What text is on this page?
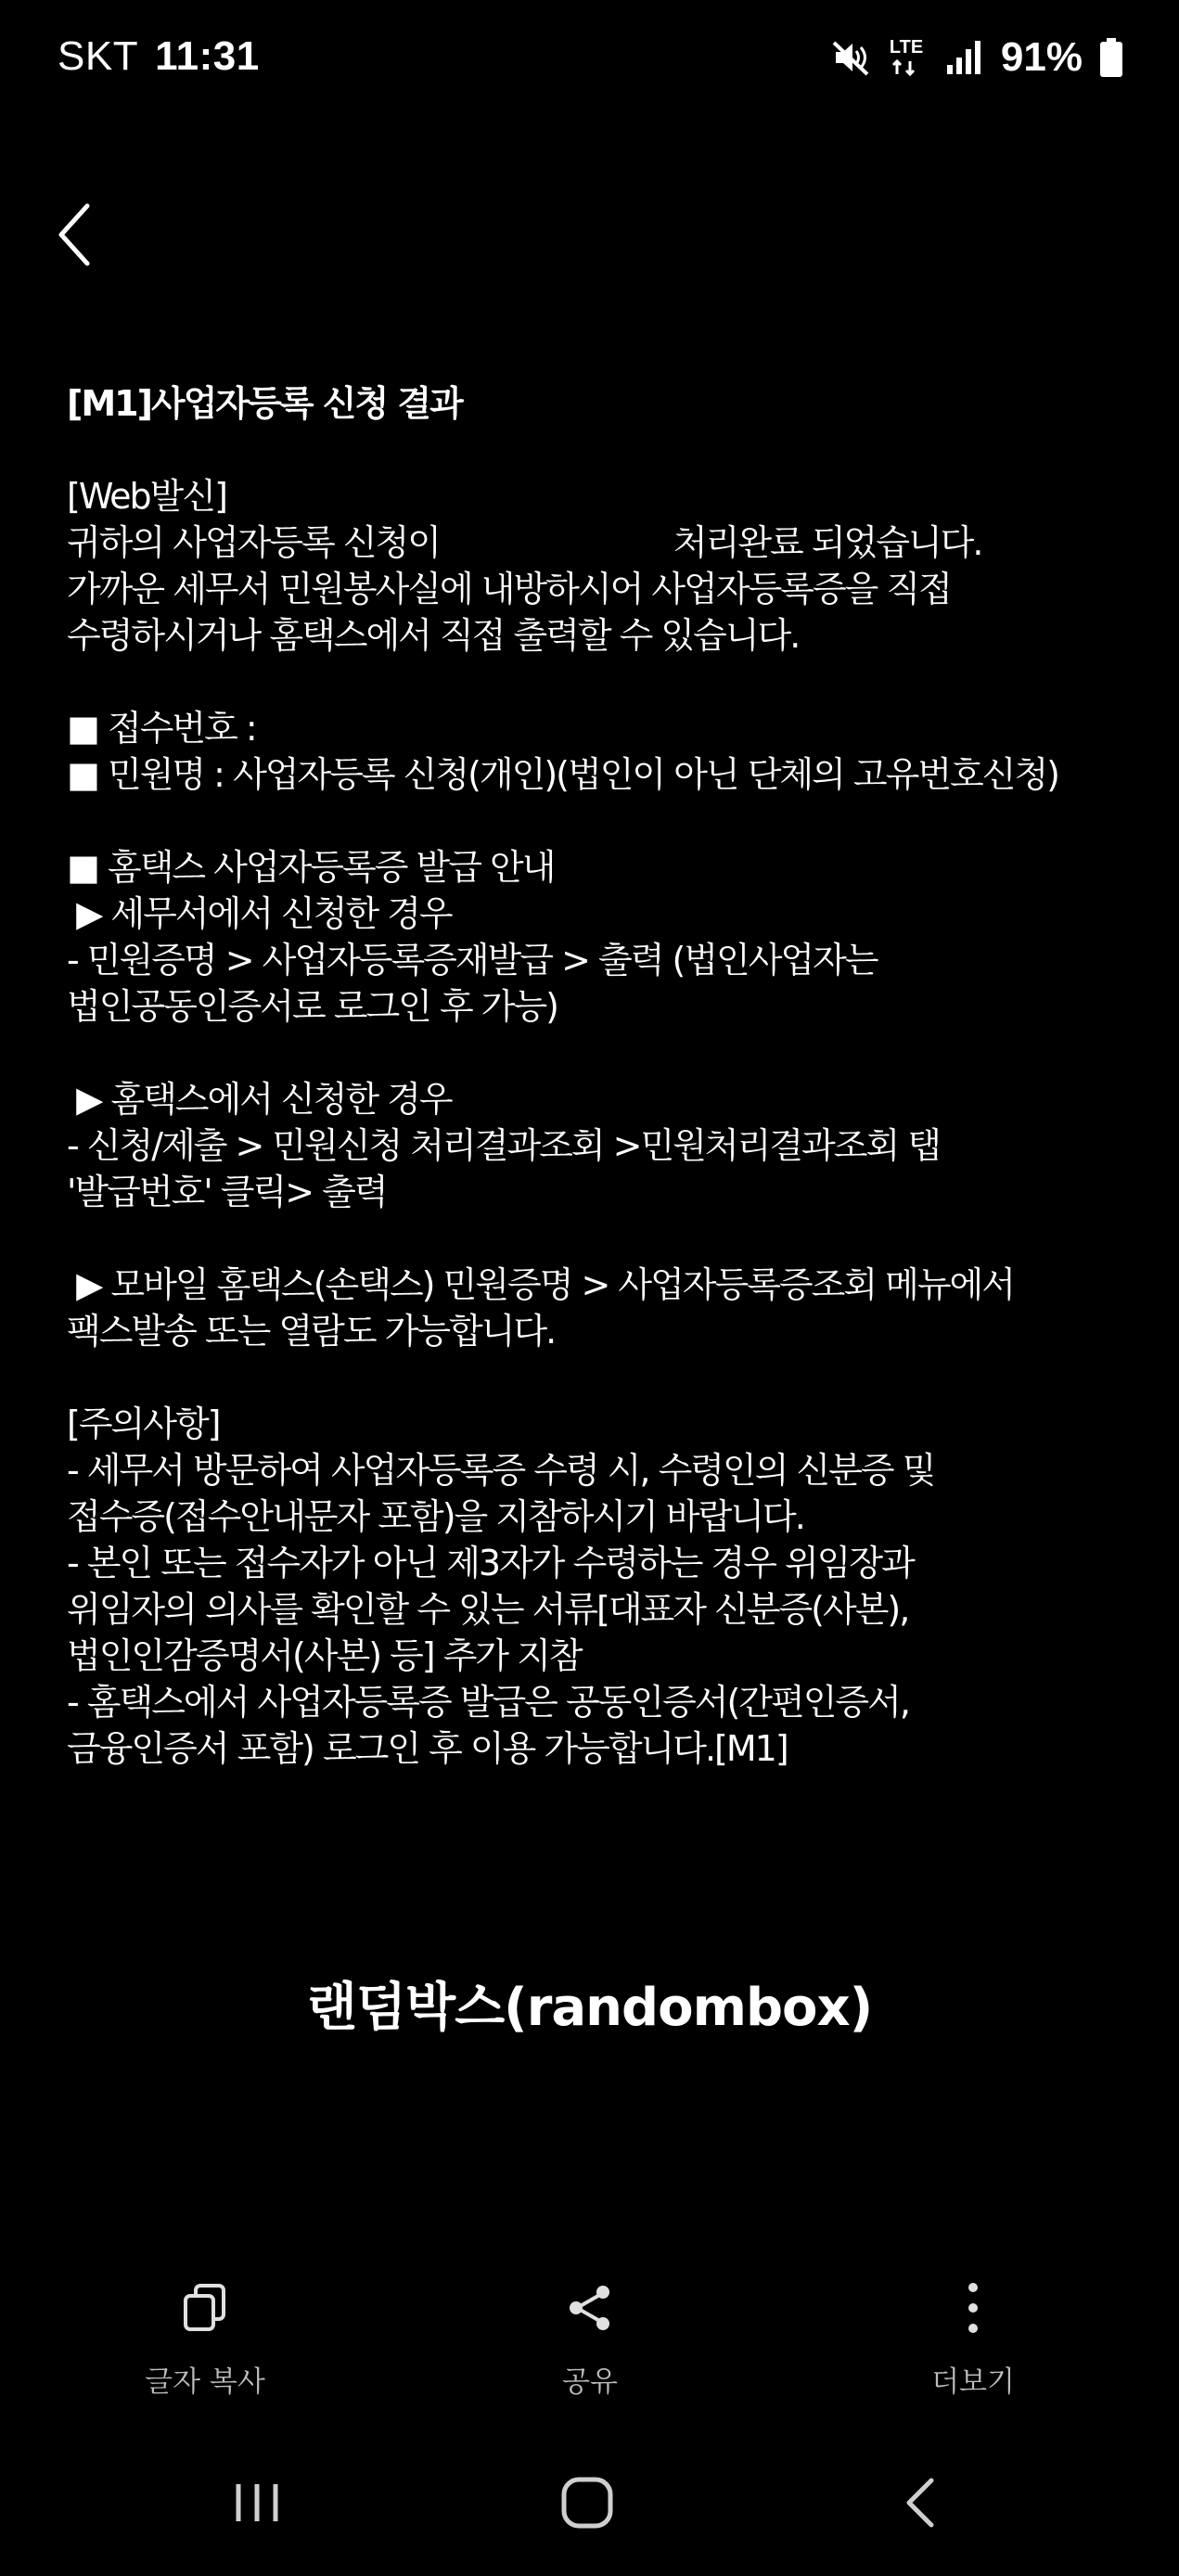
SKT 11:31	LTE 91%
[M1]사업자등록 신청 결과
[Web발신]
귀하의 사업자등록 신청이                         처리완료 되었습니다.
가까운 세무서 민원봉사실에 내방하시어 사업자등록증을 직접
수령하시거나 홈택스에서 직접 출력할 수 있습니다.
■ 접수번호 :
■ 민원명 : 사업자등록 신청(개인)(법인이 아닌 단체의 고유번호신청)
■ 홈택스 사업자등록증 발급 안내
▶ 세무서에서 신청한 경우
- 민원증명 > 사업자등록증재발급 > 출력 (법인사업자는
법인공동인증서로 로그인 후 가능)
▶ 홈택스에서 신청한 경우
- 신청/제출 > 민원신청 처리결과조회 >민원처리결과조회 탭
'발급번호' 클릭> 출력
▶ 모바일 홈택스(손택스) 민원증명 > 사업자등록증조회 메뉴에서
팩스발송 또는 열람도 가능합니다.
[주의사항]
- 세무서 방문하여 사업자등록증 수령 시, 수령인의 신분증 및
접수증(접수안내문자 포함)을 지참하시기 바랍니다.
- 본인 또는 접수자가 아닌 제3자가 수령하는 경우 위임장과
위임자의 의사를 확인할 수 있는 서류[대표자 신분증(사본),
법인인감증명서(사본) 등] 추가 지참
- 홈택스에서 사업자등록증 발급은 공동인증서(간편인증서,
금융인증서 포함) 로그인 후 이용 가능합니다.[M1]
랜덤박스(randombox)
글자 복사	공유	더보기
